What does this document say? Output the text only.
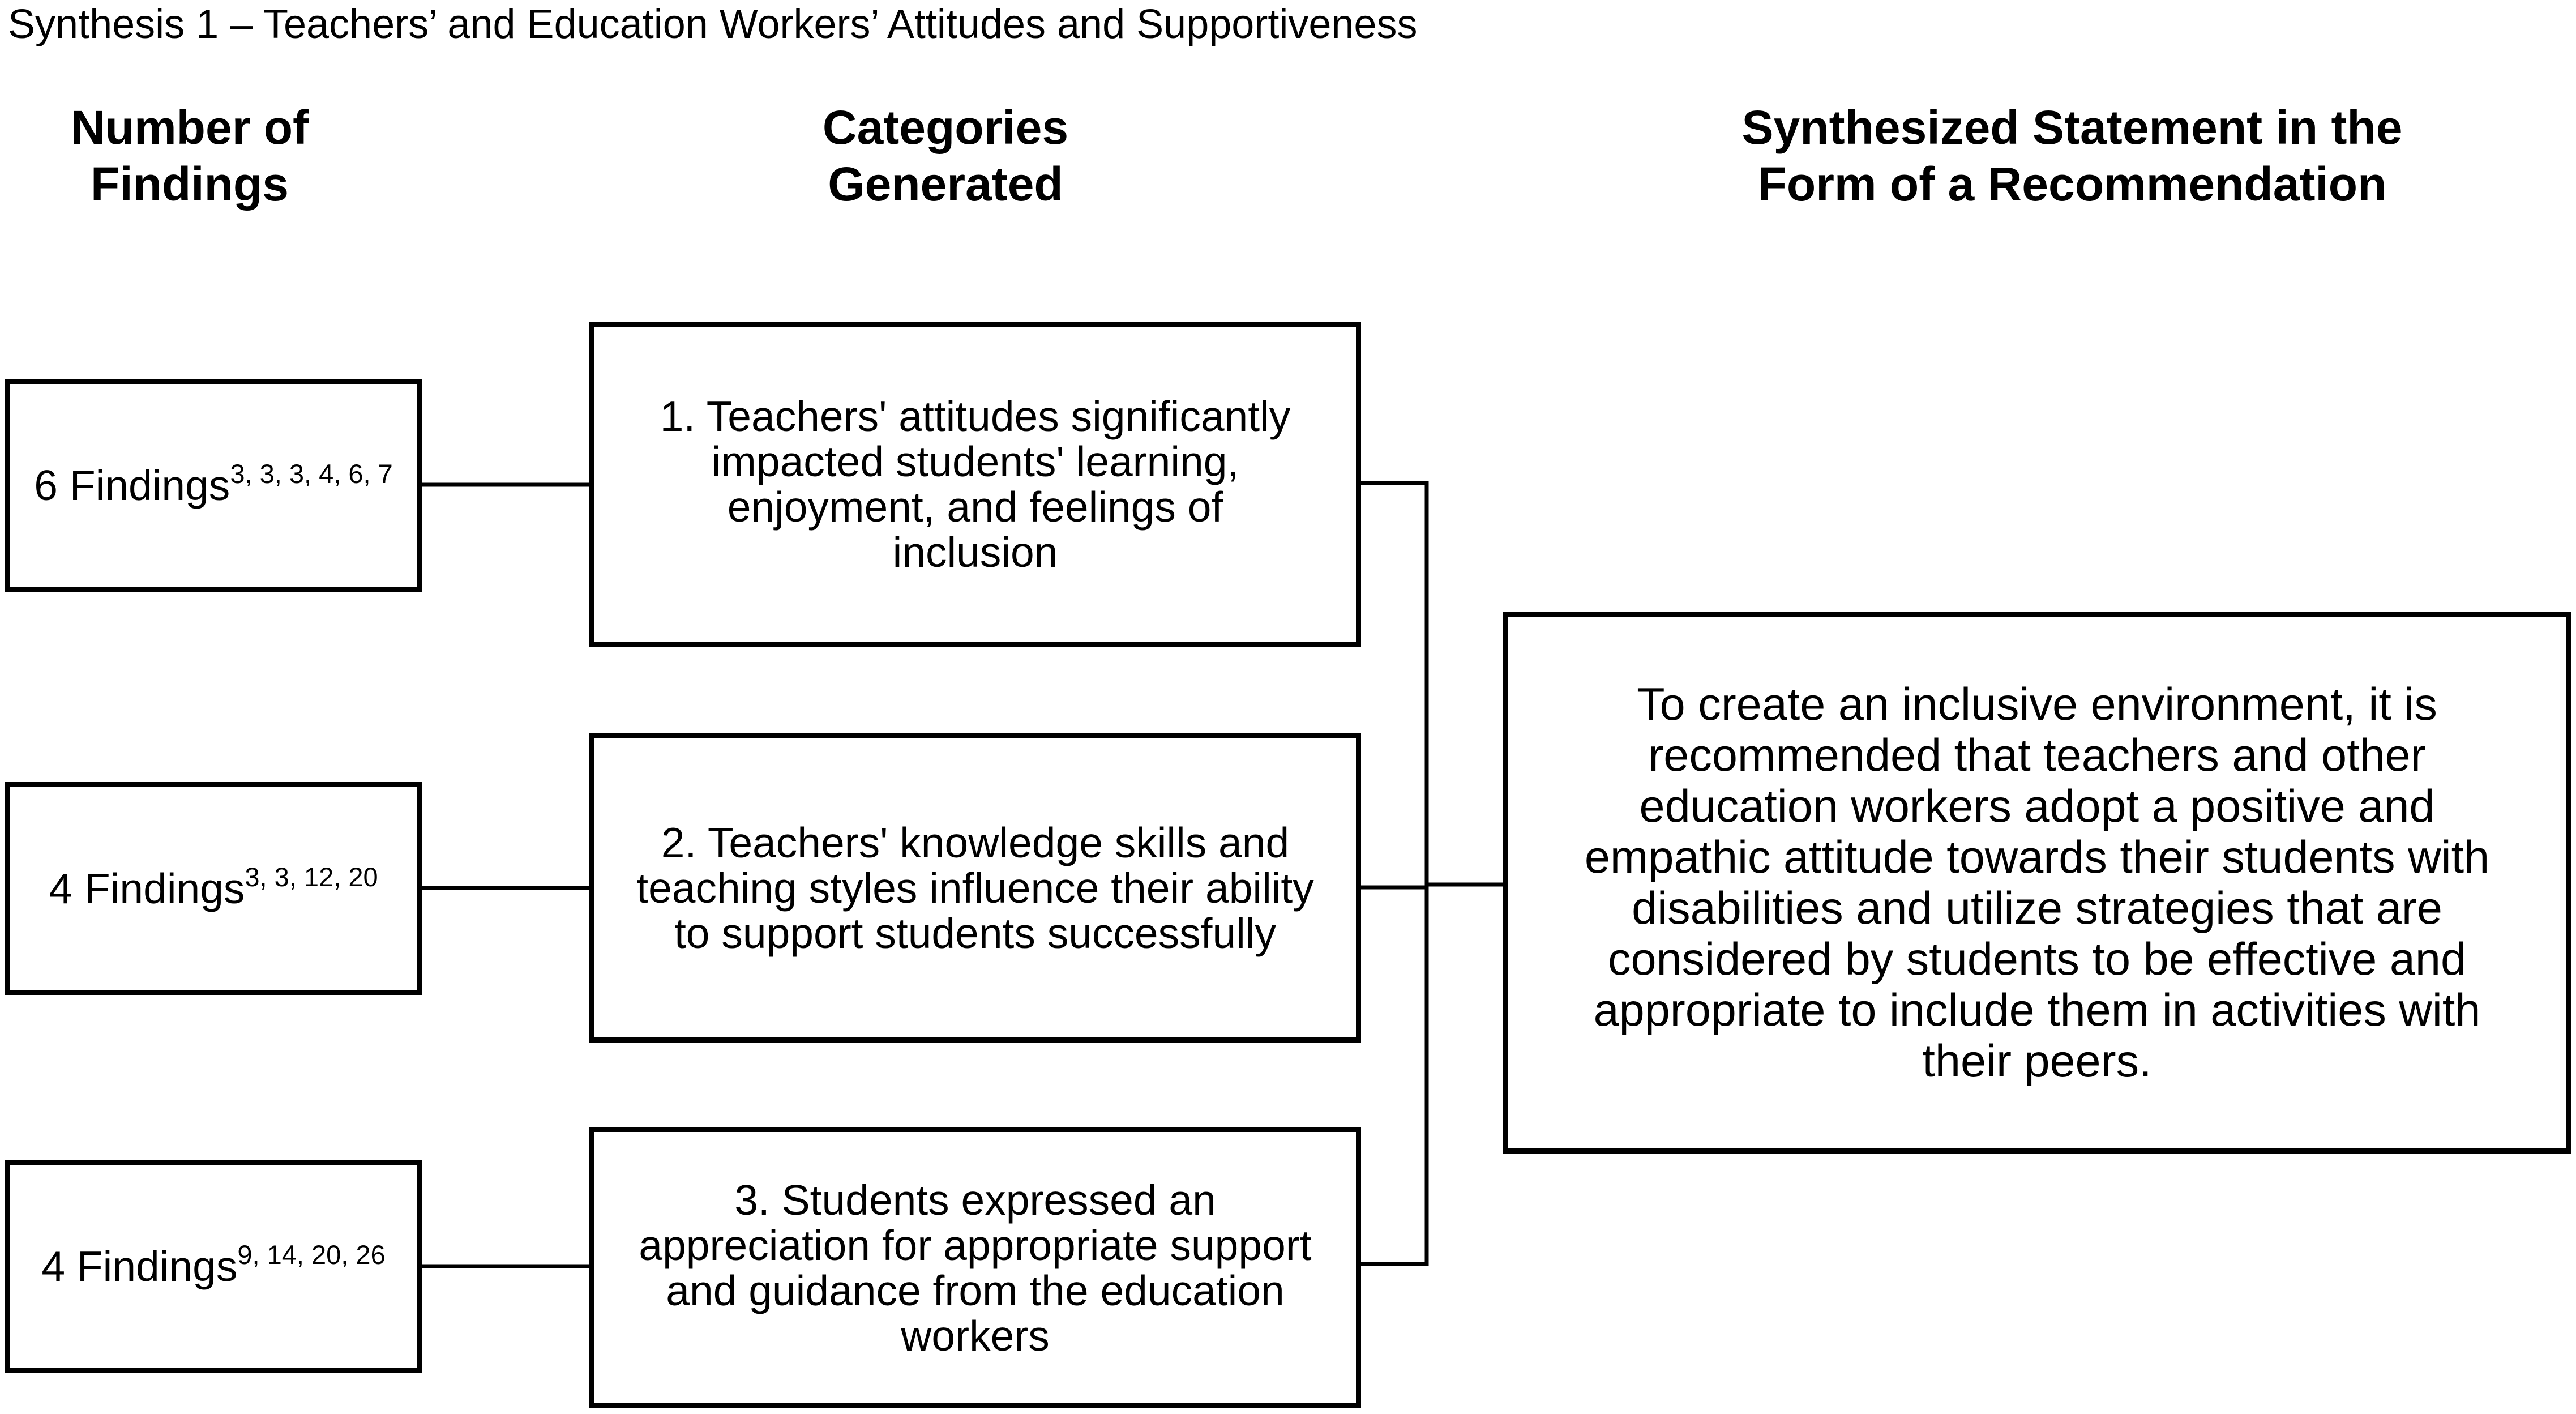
Synthesis 1 – Teachers’ and Education Workers’ Attitudes and Supportiveness
Number of
Findings
Categories
Generated
Synthesized Statement in the
Form of a Recommendation
6 Findings$^{3, 3, 3, 4, 6, 7}$
4 Findings$^{3, 3, 12, 20}$
4 Findings$^{9, 14, 20, 26}$
1. Teachers' attitudes significantly impacted students' learning, enjoyment, and feelings of inclusion
2. Teachers' knowledge skills and teaching styles influence their ability to support students successfully
3. Students expressed an appreciation for appropriate support and guidance from the education workers
To create an inclusive environment, it is recommended that teachers and other education workers adopt a positive and empathic attitude towards their students with disabilities and utilize strategies that are considered by students to be effective and appropriate to include them in activities with their peers.
